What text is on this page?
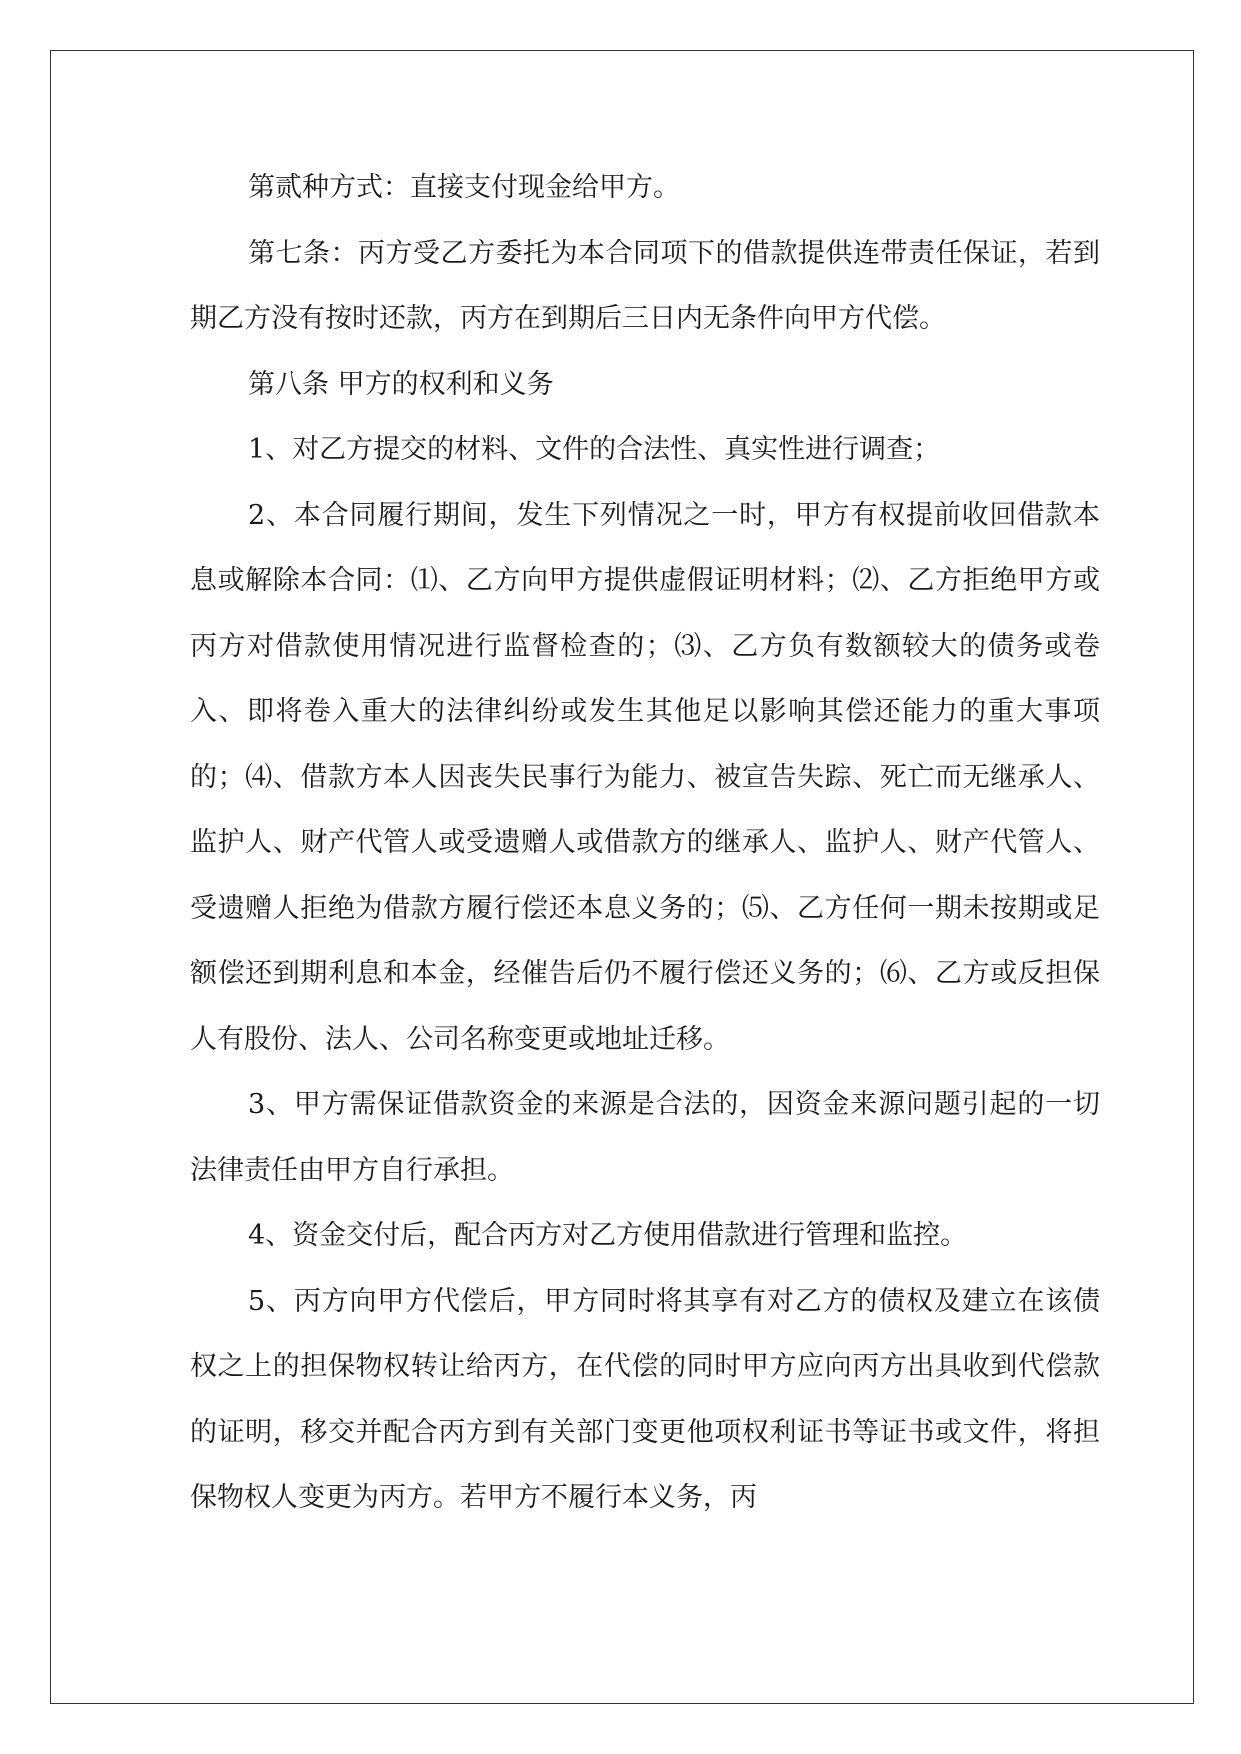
第贰种方式：直接支付现金给甲方。

第七条：丙方受乙方委托为本合同项下的借款提供连带责任保证，若到期乙方没有按时还款，丙方在到期后三日内无条件向甲方代偿。

第八条 甲方的权利和义务

1、对乙方提交的材料、文件的合法性、真实性进行调查；

2、本合同履行期间，发生下列情况之一时，甲方有权提前收回借款本息或解除本合同：⑴、乙方向甲方提供虚假证明材料；⑵、乙方拒绝甲方或丙方对借款使用情况进行监督检查的；⑶、乙方负有数额较大的债务或卷入、即将卷入重大的法律纠纷或发生其他足以影响其偿还能力的重大事项的；⑷、借款方本人因丧失民事行为能力、被宣告失踪、死亡而无继承人、监护人、财产代管人或受遗赠人或借款方的继承人、监护人、财产代管人、受遗赠人拒绝为借款方履行偿还本息义务的；⑸、乙方任何一期未按期或足额偿还到期利息和本金，经催告后仍不履行偿还义务的；⑹、乙方或反担保人有股份、法人、公司名称变更或地址迁移。

3、甲方需保证借款资金的来源是合法的，因资金来源问题引起的一切法律责任由甲方自行承担。

4、资金交付后，配合丙方对乙方使用借款进行管理和监控。

5、丙方向甲方代偿后，甲方同时将其享有对乙方的债权及建立在该债权之上的担保物权转让给丙方，在代偿的同时甲方应向丙方出具收到代偿款的证明，移交并配合丙方到有关部门变更他项权利证书等证书或文件，将担保物权人变更为丙方。若甲方不履行本义务，丙
